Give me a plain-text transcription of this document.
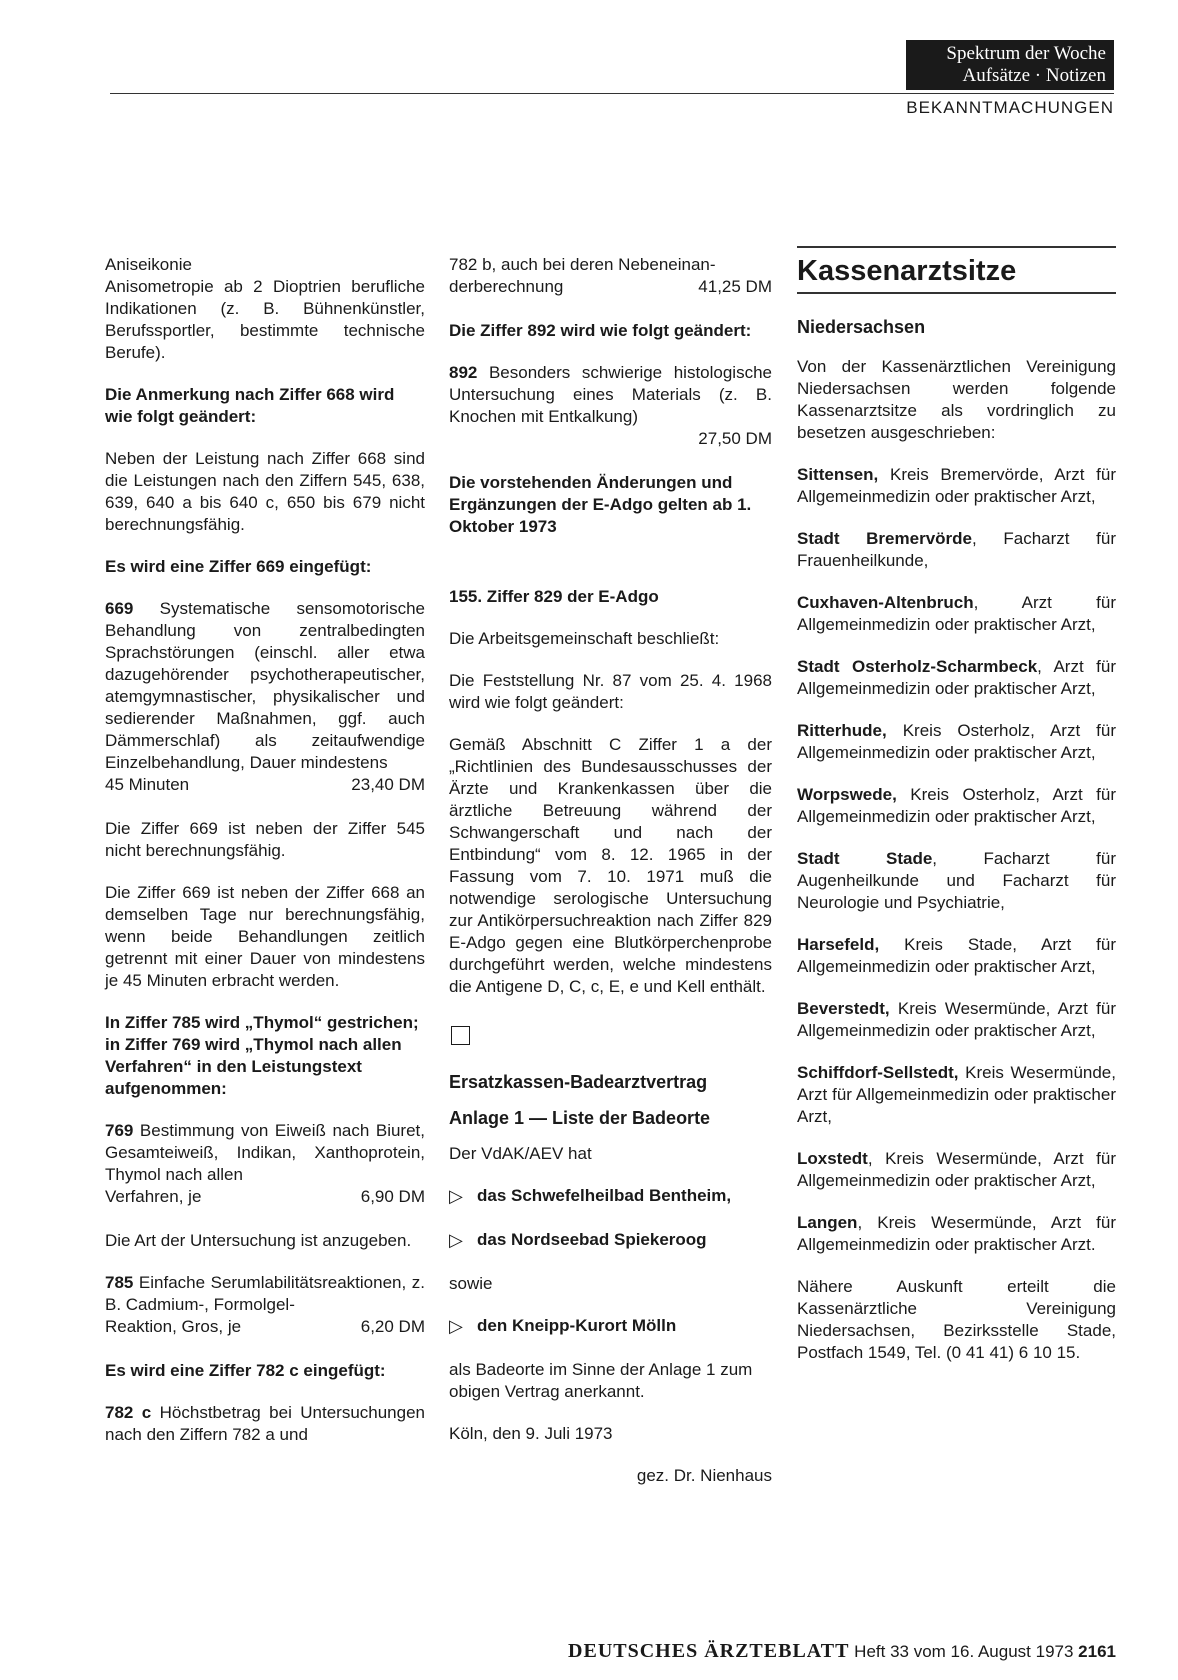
Spektrum der Woche
Aufsätze · Notizen
BEKANNTMACHUNGEN

Aniseikonie

Anisometropie ab 2 Dioptrien berufliche Indikationen (z. B. Bühnenkünstler, Berufssportler, bestimmte technische Berufe).

Die Anmerkung nach Ziffer 668 wird wie folgt geändert:

Neben der Leistung nach Ziffer 668 sind die Leistungen nach den Ziffern 545, 638, 639, 640 a bis 640 c, 650 bis 679 nicht berechnungsfähig.

Es wird eine Ziffer 669 eingefügt:

669 Systematische sensomotorische Behandlung von zentralbedingten Sprachstörungen (einschl. aller etwa dazugehörender psychotherapeutischer, atemgymnastischer, physikalischer und sedierender Maßnahmen, ggf. auch Dämmerschlaf) als zeitaufwendige Einzelbehandlung, Dauer mindestens

45 Minuten	23,40 DM

Die Ziffer 669 ist neben der Ziffer 545 nicht berechnungsfähig.

Die Ziffer 669 ist neben der Ziffer 668 an demselben Tage nur berechnungsfähig, wenn beide Behandlungen zeitlich getrennt mit einer Dauer von mindestens je 45 Minuten erbracht werden.

In Ziffer 785 wird „Thymol“ gestrichen;

in Ziffer 769 wird „Thymol nach allen Verfahren“ in den Leistungstext aufgenommen:

769 Bestimmung von Eiweiß nach Biuret, Gesamteiweiß, Indikan, Xanthoprotein, Thymol nach allen

Verfahren, je	6,90 DM

Die Art der Untersuchung ist anzugeben.

785 Einfache Serumlabilitätsreaktionen, z. B. Cadmium-, Formolgel-

Reaktion, Gros, je	6,20 DM

Es wird eine Ziffer 782 c eingefügt:

782 c Höchstbetrag bei Untersuchungen nach den Ziffern 782 a und

782 b, auch bei deren Nebeneinan-

derberechnung	41,25 DM

Die Ziffer 892 wird wie folgt geändert:

892 Besonders schwierige histologische Untersuchung eines Materials (z. B. Knochen mit Entkalkung)

27,50 DM

Die vorstehenden Änderungen und Ergänzungen der E-Adgo gelten ab 1. Oktober 1973

155. Ziffer 829 der E-Adgo

Die Arbeitsgemeinschaft beschließt:

Die Feststellung Nr. 87 vom 25. 4. 1968 wird wie folgt geändert:

Gemäß Abschnitt C Ziffer 1 a der „Richtlinien des Bundesausschusses der Ärzte und Krankenkassen über die ärztliche Betreuung während der Schwangerschaft und nach der Entbindung“ vom 8. 12. 1965 in der Fassung vom 7. 10. 1971 muß die notwendige serologische Untersuchung zur Antikörpersuchreaktion nach Ziffer 829 E-Adgo gegen eine Blutkörperchenprobe durchgeführt werden, welche mindestens die Antigene D, C, c, E, e und Kell enthält.

Ersatzkassen-Badearztvertrag
Anlage 1 — Liste der Badeorte

Der VdAK/AEV hat

▷ das Schwefelheilbad Bentheim,
▷ das Nordseebad Spiekeroog

sowie

▷ den Kneipp-Kurort Mölln

als Badeorte im Sinne der Anlage 1 zum obigen Vertrag anerkannt.

Köln, den 9. Juli 1973

gez. Dr. Nienhaus

Kassenarztsitze
Niedersachsen

Von der Kassenärztlichen Vereinigung Niedersachsen werden folgende Kassenarztsitze als vordringlich zu besetzen ausgeschrieben:

Sittensen, Kreis Bremervörde, Arzt für Allgemeinmedizin oder praktischer Arzt,

Stadt Bremervörde, Facharzt für Frauenheilkunde,

Cuxhaven-Altenbruch, Arzt für Allgemeinmedizin oder praktischer Arzt,

Stadt Osterholz-Scharmbeck, Arzt für Allgemeinmedizin oder praktischer Arzt,

Ritterhude, Kreis Osterholz, Arzt für Allgemeinmedizin oder praktischer Arzt,

Worpswede, Kreis Osterholz, Arzt für Allgemeinmedizin oder praktischer Arzt,

Stadt Stade, Facharzt für Augenheilkunde und Facharzt für Neurologie und Psychiatrie,

Harsefeld, Kreis Stade, Arzt für Allgemeinmedizin oder praktischer Arzt,

Beverstedt, Kreis Wesermünde, Arzt für Allgemeinmedizin oder praktischer Arzt,

Schiffdorf-Sellstedt, Kreis Wesermünde, Arzt für Allgemeinmedizin oder praktischer Arzt,

Loxstedt, Kreis Wesermünde, Arzt für Allgemeinmedizin oder praktischer Arzt,

Langen, Kreis Wesermünde, Arzt für Allgemeinmedizin oder praktischer Arzt.

Nähere Auskunft erteilt die Kassenärztliche Vereinigung Niedersachsen, Bezirksstelle Stade, Postfach 1549, Tel. (0 41 41) 6 10 15.

DEUTSCHES ÄRZTEBLATT Heft 33 vom 16. August 1973 2161
